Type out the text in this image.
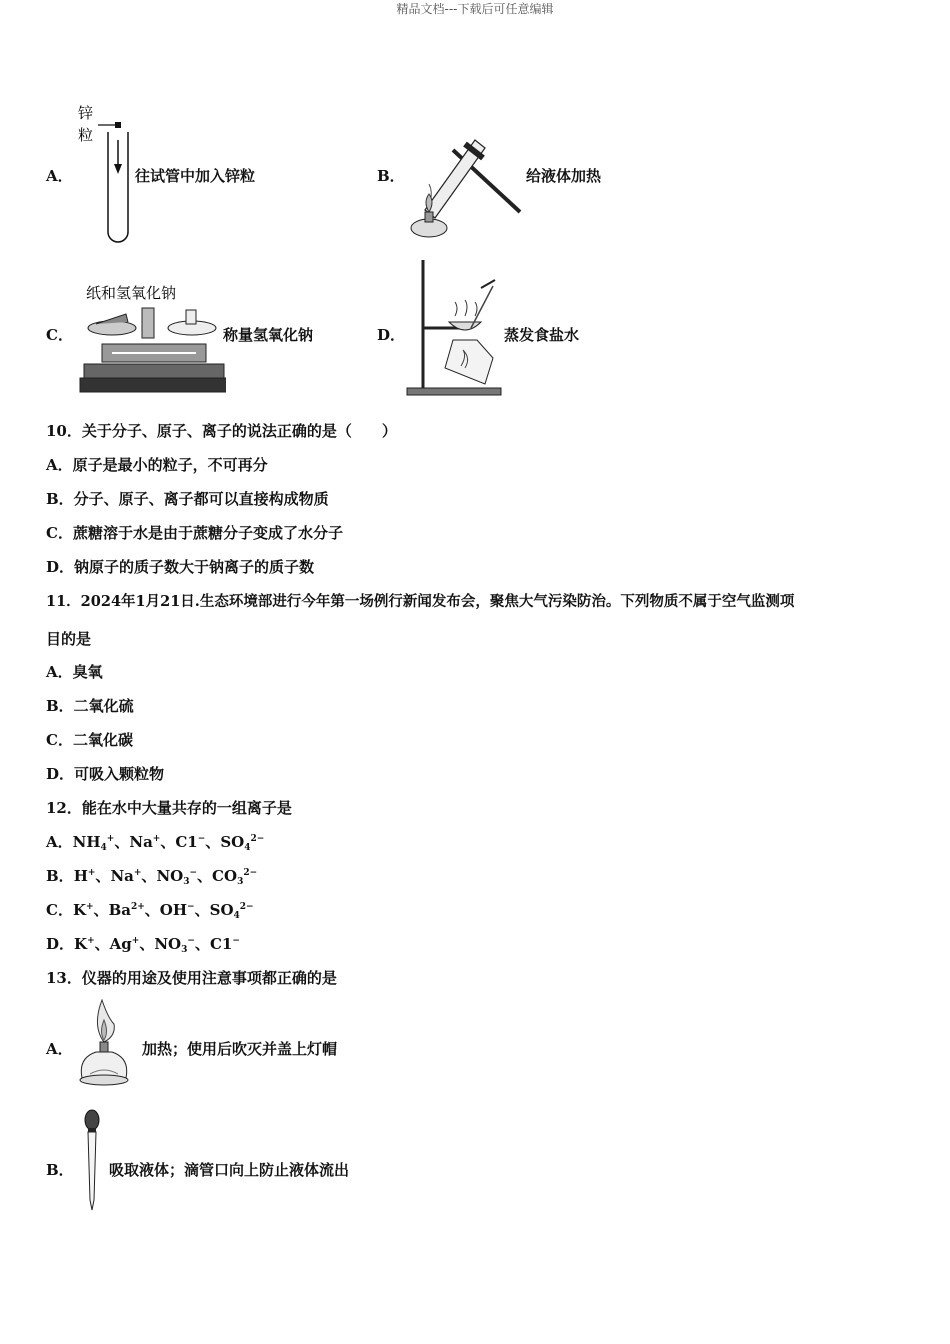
精品文档---下载后可任意编辑
A．
锌
粒
往试管中加入锌粒	B．	给液体加热
C．
纸和氢氧化钠
称量氢氧化钠	D．	蒸发食盐水
10．关于分子、原子、离子的说法正确的是（　　）
A．原子是最小的粒子，不可再分
B．分子、原子、离子都可以直接构成物质
C．蔗糖溶于水是由于蔗糖分子变成了水分子
D．钠原子的质子数大于钠离子的质子数
11．2024年1月21日.生态环境部进行今年第一场例行新闻发布会，聚焦大气污染防治。下列物质不属于空气监测项
目的是
A．臭氧
B．二氧化硫
C．二氧化碳
D．可吸入颗粒物
12．能在水中大量共存的一组离子是
A．$NH_4^+$、Na+、C1−、$SO_4^{2-}$
B．H+、Na+、$NO_3^-$、$CO_3^{2-}$
C．K+、$Ba^{2+}$、OH−、$SO_4^{2-}$
D．K+、Ag+、$NO_3^-$、C1−
13．仪器的用途及使用注意事项都正确的是
A．	加热；使用后吹灭并盖上灯帽
B． 吸取液体；滴管口向上防止液体流出
